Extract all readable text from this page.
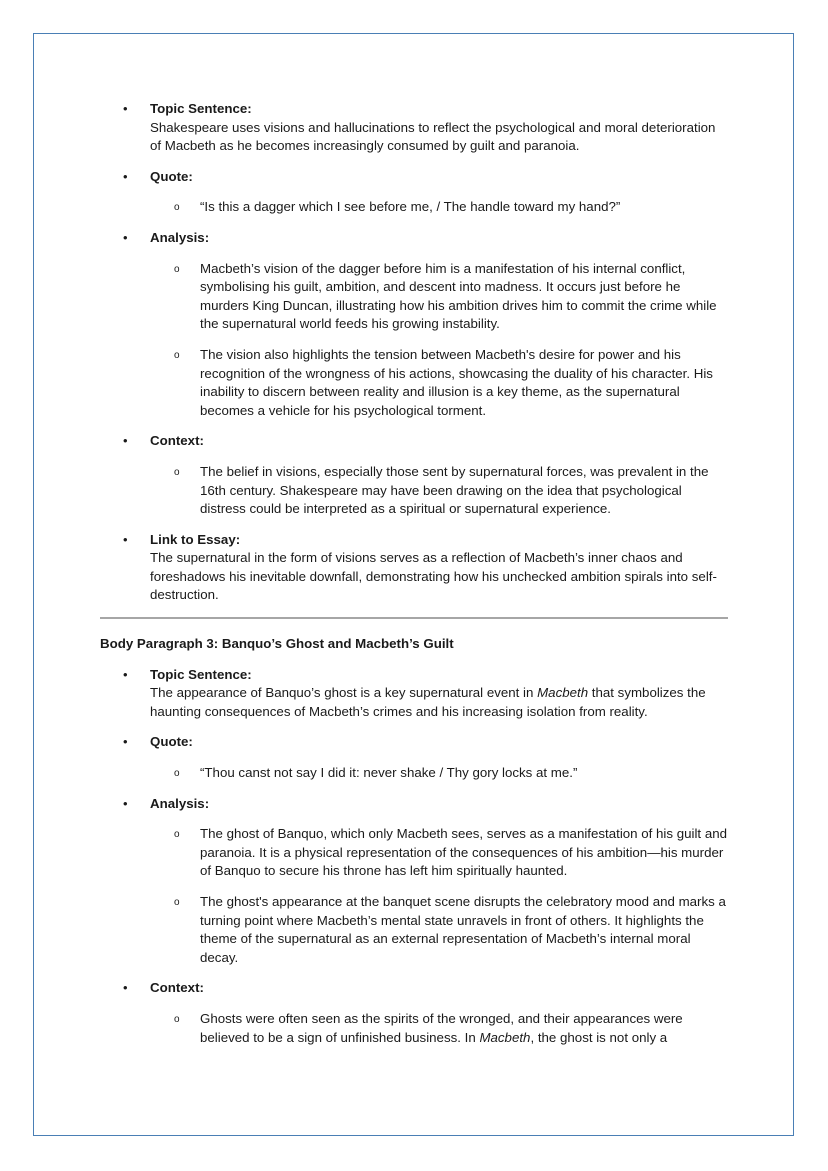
• Topic Sentence:
Shakespeare uses visions and hallucinations to reflect the psychological and moral deterioration of Macbeth as he becomes increasingly consumed by guilt and paranoia.
• Quote:
o “Is this a dagger which I see before me, / The handle toward my hand?”
• Analysis:
o Macbeth’s vision of the dagger before him is a manifestation of his internal conflict, symbolising his guilt, ambition, and descent into madness. It occurs just before he murders King Duncan, illustrating how his ambition drives him to commit the crime while the supernatural world feeds his growing instability.
o The vision also highlights the tension between Macbeth's desire for power and his recognition of the wrongness of his actions, showcasing the duality of his character. His inability to discern between reality and illusion is a key theme, as the supernatural becomes a vehicle for his psychological torment.
• Context:
o The belief in visions, especially those sent by supernatural forces, was prevalent in the 16th century. Shakespeare may have been drawing on the idea that psychological distress could be interpreted as a spiritual or supernatural experience.
• Link to Essay:
The supernatural in the form of visions serves as a reflection of Macbeth’s inner chaos and foreshadows his inevitable downfall, demonstrating how his unchecked ambition spirals into self-destruction.
Body Paragraph 3: Banquo’s Ghost and Macbeth’s Guilt
• Topic Sentence:
The appearance of Banquo’s ghost is a key supernatural event in Macbeth that symbolizes the haunting consequences of Macbeth’s crimes and his increasing isolation from reality.
• Quote:
o “Thou canst not say I did it: never shake / Thy gory locks at me.”
• Analysis:
o The ghost of Banquo, which only Macbeth sees, serves as a manifestation of his guilt and paranoia. It is a physical representation of the consequences of his ambition—his murder of Banquo to secure his throne has left him spiritually haunted.
o The ghost's appearance at the banquet scene disrupts the celebratory mood and marks a turning point where Macbeth’s mental state unravels in front of others. It highlights the theme of the supernatural as an external representation of Macbeth’s internal moral decay.
• Context:
o Ghosts were often seen as the spirits of the wronged, and their appearances were believed to be a sign of unfinished business. In Macbeth, the ghost is not only a
